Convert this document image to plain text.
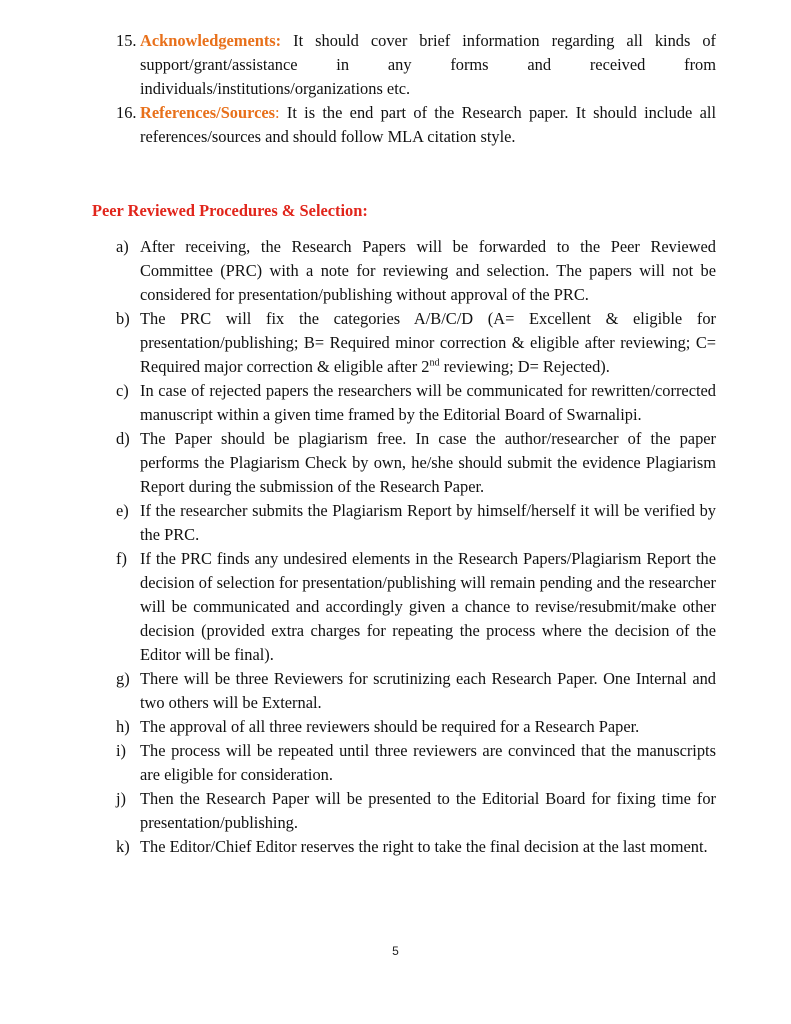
15. Acknowledgements: It should cover brief information regarding all kinds of support/grant/assistance in any forms and received from individuals/institutions/organizations etc.
16. References/Sources: It is the end part of the Research paper. It should include all references/sources and should follow MLA citation style.
Peer Reviewed Procedures & Selection:
a) After receiving, the Research Papers will be forwarded to the Peer Reviewed Committee (PRC) with a note for reviewing and selection. The papers will not be considered for presentation/publishing without approval of the PRC.
b) The PRC will fix the categories A/B/C/D (A= Excellent & eligible for presentation/publishing; B= Required minor correction & eligible after reviewing; C= Required major correction & eligible after 2nd reviewing; D= Rejected).
c) In case of rejected papers the researchers will be communicated for rewritten/corrected manuscript within a given time framed by the Editorial Board of Swarnalipi.
d) The Paper should be plagiarism free. In case the author/researcher of the paper performs the Plagiarism Check by own, he/she should submit the evidence Plagiarism Report during the submission of the Research Paper.
e) If the researcher submits the Plagiarism Report by himself/herself it will be verified by the PRC.
f) If the PRC finds any undesired elements in the Research Papers/Plagiarism Report the decision of selection for presentation/publishing will remain pending and the researcher will be communicated and accordingly given a chance to revise/resubmit/make other decision (provided extra charges for repeating the process where the decision of the Editor will be final).
g) There will be three Reviewers for scrutinizing each Research Paper. One Internal and two others will be External.
h) The approval of all three reviewers should be required for a Research Paper.
i) The process will be repeated until three reviewers are convinced that the manuscripts are eligible for consideration.
j) Then the Research Paper will be presented to the Editorial Board for fixing time for presentation/publishing.
k) The Editor/Chief Editor reserves the right to take the final decision at the last moment.
5
